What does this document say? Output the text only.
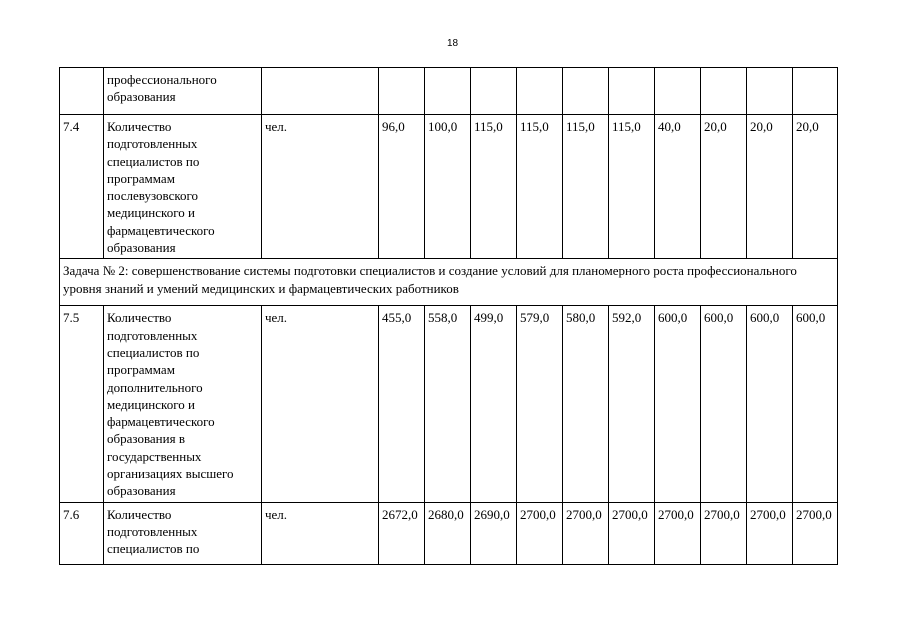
18
	профессионального образования											
7.4	Количество подготовленных специалистов по программам послевузовского медицинского и фармацевтического образования	чел.	96,0	100,0	115,0	115,0	115,0	115,0	40,0	20,0	20,0	20,0
Задача № 2: совершенствование системы подготовки специалистов и создание условий для планомерного роста профессионального уровня знаний и умений медицинских и фармацевтических работников												
7.5	Количество подготовленных специалистов по программам дополнительного медицинского и фармацевтического образования в государственных организациях высшего образования	чел.	455,0	558,0	499,0	579,0	580,0	592,0	600,0	600,0	600,0	600,0
7.6	Количество подготовленных специалистов по	чел.	2672,0	2680,0	2690,0	2700,0	2700,0	2700,0	2700,0	2700,0	2700,0	2700,0
